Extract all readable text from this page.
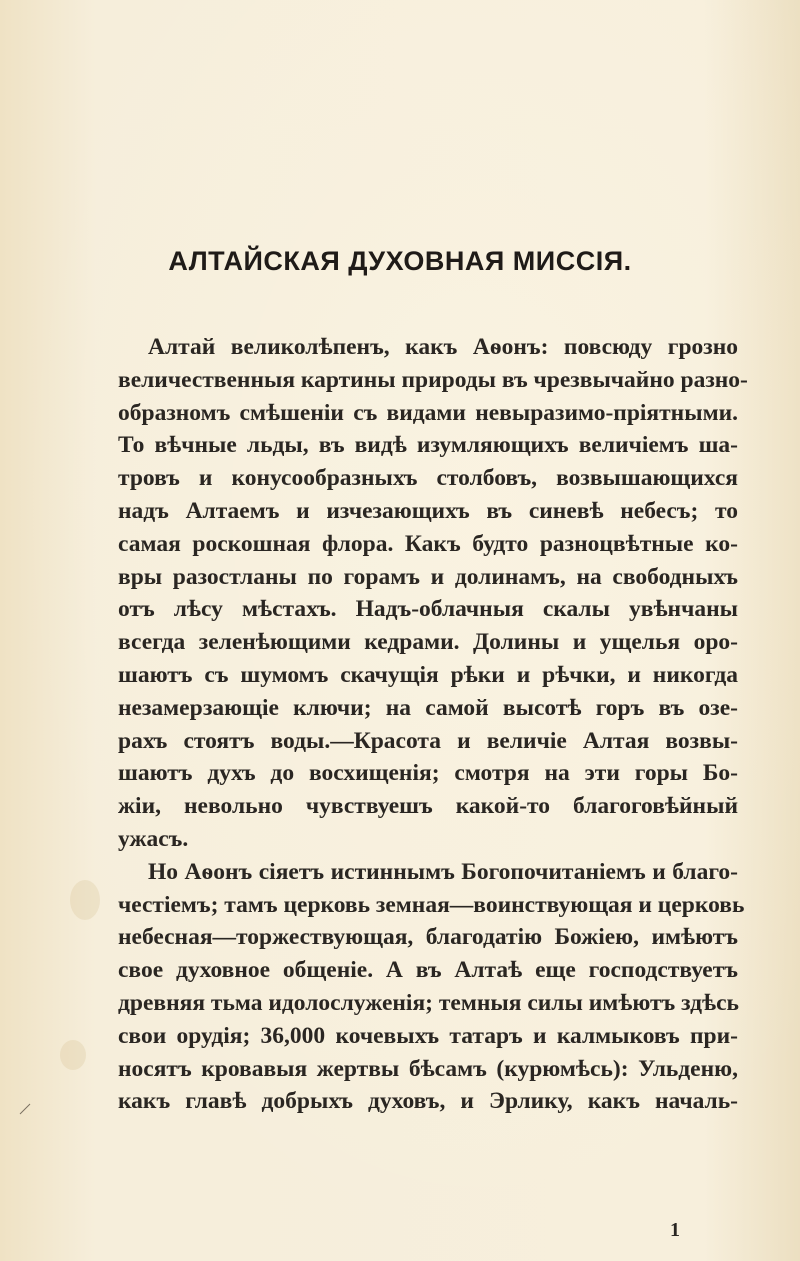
АЛТАЙСКАЯ ДУХОВНАЯ МИССІЯ.
Алтай великолѣпенъ, какъ Аѳонъ: повсюду грозно
величественныя картины природы въ чрезвычайно разно-
образномъ смѣшеніи съ видами невыразимо-пріятными.
То вѣчные льды, въ видѣ изумляющихъ величіемъ ша-
тровъ и конусообразныхъ столбовъ, возвышающихся
надъ Алтаемъ и изчезающихъ въ синевѣ небесъ; то
самая роскошная флора. Какъ будто разноцвѣтные ко-
вры разостланы по горамъ и долинамъ, на свободныхъ
отъ лѣсу мѣстахъ. Надъ-облачныя скалы увѣнчаны
всегда зеленѣющими кедрами. Долины и ущелья оро-
шаютъ съ шумомъ скачущія рѣки и рѣчки, и никогда
незамерзающіе ключи; на самой высотѣ горъ въ озе-
рахъ стоятъ воды.—Красота и величіе Алтая возвы-
шаютъ духъ до восхищенія; смотря на эти горы Бо-
жіи, невольно чувствуешъ какой-то благоговѣйный
ужасъ.
Но Аѳонъ сіяетъ истиннымъ Богопочитаніемъ и благо-
честіемъ; тамъ церковь земная—воинствующая и церковь
небесная—торжествующая, благодатію Божіею, имѣютъ
свое духовное общеніе. А въ Алтаѣ еще господствуетъ
древняя тьма идолослуженія; темныя силы имѣютъ здѣсь
свои орудія; 36,000 кочевыхъ татаръ и калмыковъ при-
носятъ кровавыя жертвы бѣсамъ (курюмѣсь): Ульденю,
какъ главѣ добрыхъ духовъ, и Эрлику, какъ началь-
1
